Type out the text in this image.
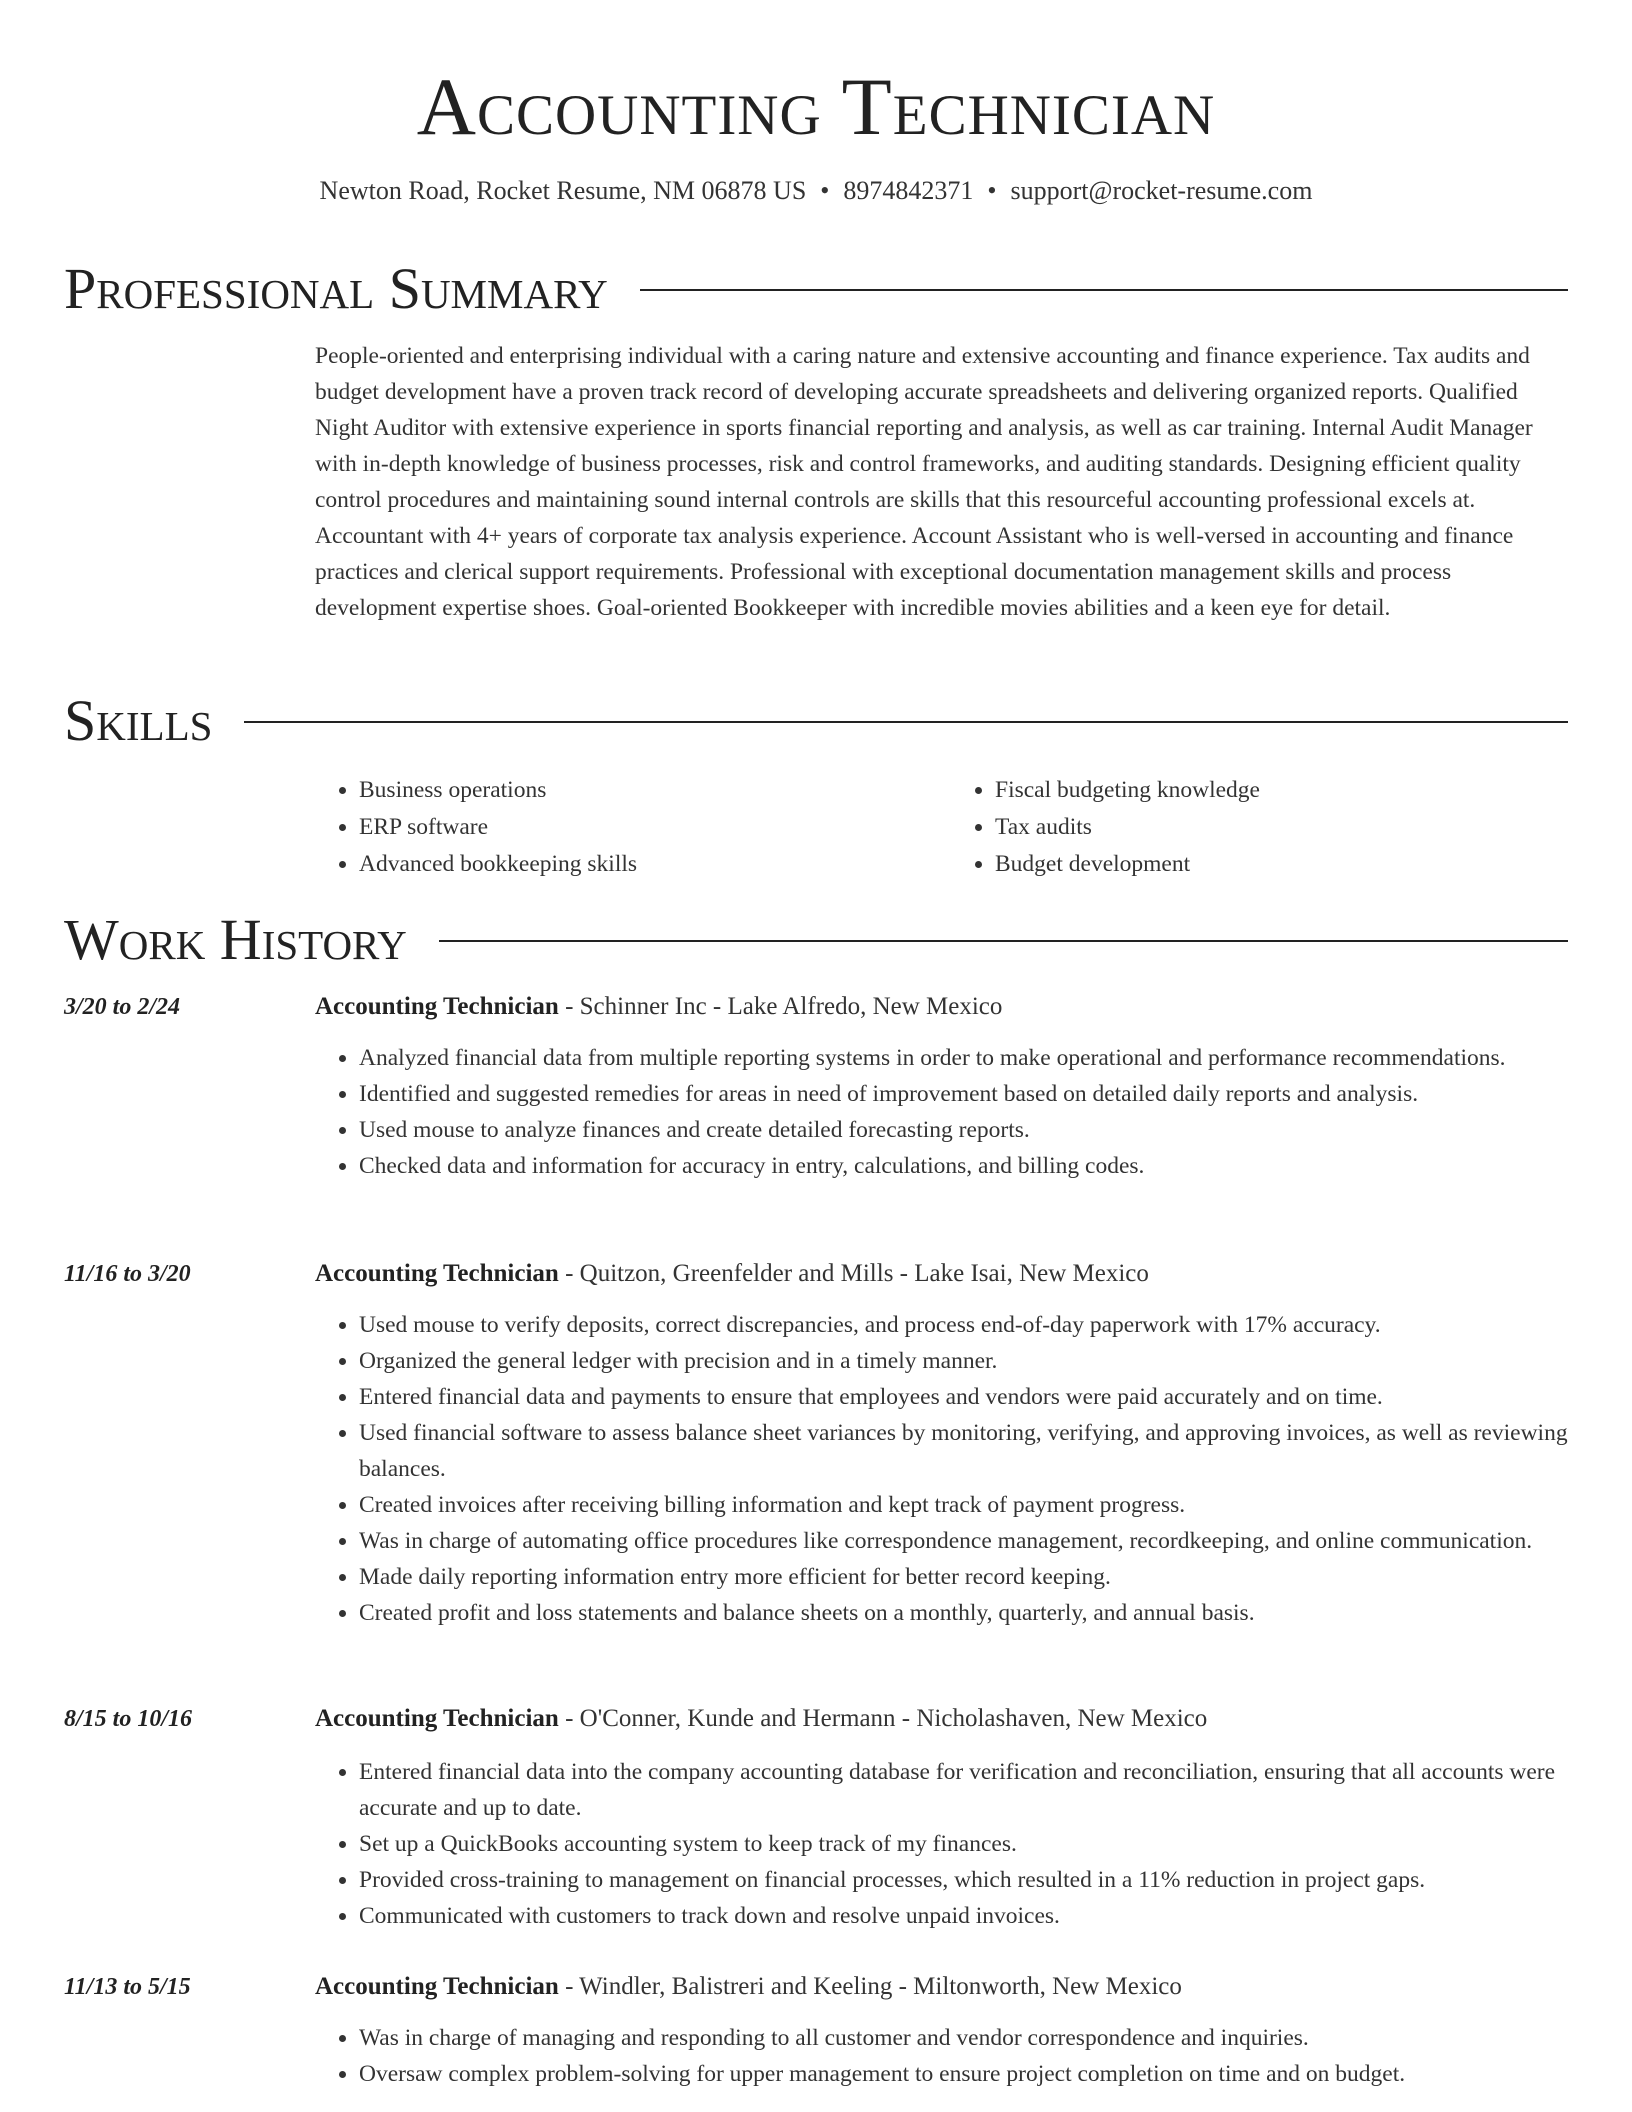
Accounting Technician
Newton Road, Rocket Resume, NM 06878 US • 8974842371 • support@rocket-resume.com
Professional Summary

People-oriented and enterprising individual with a caring nature and extensive accounting and finance experience. Tax audits and budget development have a proven track record of developing accurate spreadsheets and delivering organized reports. Qualified Night Auditor with extensive experience in sports financial reporting and analysis, as well as car training. Internal Audit Manager with in-depth knowledge of business processes, risk and control frameworks, and auditing standards. Designing efficient quality control procedures and maintaining sound internal controls are skills that this resourceful accounting professional excels at. Accountant with 4+ years of corporate tax analysis experience. Account Assistant who is well-versed in accounting and finance practices and clerical support requirements. Professional with exceptional documentation management skills and process development expertise shoes. Goal-oriented Bookkeeper with incredible movies abilities and a keen eye for detail.

Skills
• Business operations
• ERP software
• Advanced bookkeeping skills
• Fiscal budgeting knowledge
• Tax audits
• Budget development
Work History
3/20 to 2/24	Accounting Technician - Schinner Inc - Lake Alfredo, New Mexico
• Analyzed financial data from multiple reporting systems in order to make operational and performance recommendations.
• Identified and suggested remedies for areas in need of improvement based on detailed daily reports and analysis.
• Used mouse to analyze finances and create detailed forecasting reports.
• Checked data and information for accuracy in entry, calculations, and billing codes.
11/16 to 3/20	Accounting Technician - Quitzon, Greenfelder and Mills - Lake Isai, New Mexico
• Used mouse to verify deposits, correct discrepancies, and process end-of-day paperwork with 17% accuracy.
• Organized the general ledger with precision and in a timely manner.
• Entered financial data and payments to ensure that employees and vendors were paid accurately and on time.
• Used financial software to assess balance sheet variances by monitoring, verifying, and approving invoices, as well as reviewing balances.
• Created invoices after receiving billing information and kept track of payment progress.
• Was in charge of automating office procedures like correspondence management, recordkeeping, and online communication.
• Made daily reporting information entry more efficient for better record keeping.
• Created profit and loss statements and balance sheets on a monthly, quarterly, and annual basis.
8/15 to 10/16	Accounting Technician - O'Conner, Kunde and Hermann - Nicholashaven, New Mexico
• Entered financial data into the company accounting database for verification and reconciliation, ensuring that all accounts were accurate and up to date.
• Set up a QuickBooks accounting system to keep track of my finances.
• Provided cross-training to management on financial processes, which resulted in a 11% reduction in project gaps.
• Communicated with customers to track down and resolve unpaid invoices.
11/13 to 5/15	Accounting Technician - Windler, Balistreri and Keeling - Miltonworth, New Mexico
• Was in charge of managing and responding to all customer and vendor correspondence and inquiries.
• Oversaw complex problem-solving for upper management to ensure project completion on time and on budget.
